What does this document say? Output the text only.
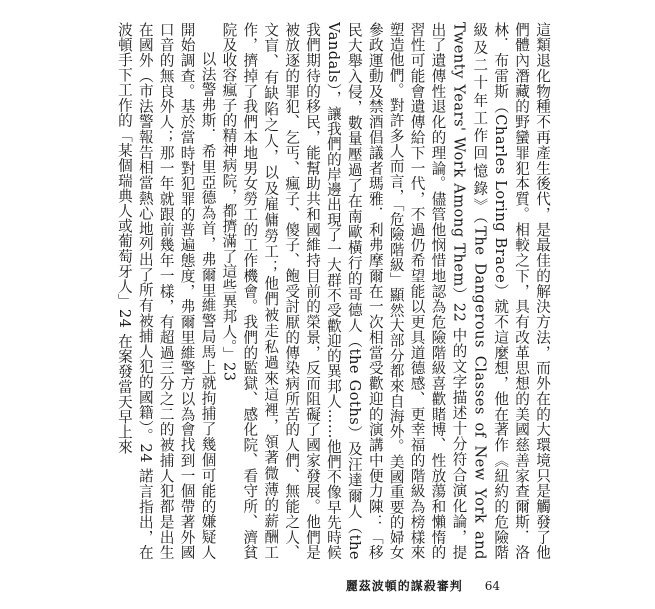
這類退化物種不再產生後代，是最佳的解決方法，而外在的大環境只是觸發了他們體內潛藏的野蠻罪犯本質。相較之下，具有改革思想的美國慈善家查爾斯．洛林．布雷斯（Charles Loring Brace）就不這麼想，他在著作《紐約的危險階級及二十年工作回憶錄》（The Dangerous Classes of New York and Twenty Years' Work Among Them）22 中的文字描述十分符合演化論，提出了遺傳性退化的理論。儘管他悯惜地認為危險階級喜歡賭博、性放蕩和懶惰的習性可能會遺傳給下一代，不過仍希望能以更具道德感、更幸福的階級為榜樣來塑造他們。對許多人而言，「危險階級」顯然大部分都來自海外。美國重要的婦女參政運動及禁酒倡議者瑪雅．利弗摩爾在一次相當受歡迎的演講中便力陳：「移民大舉入侵，數量壓過了在南歐橫行的哥德人（the Goths）及汪達爾人（the Vandals），讓我們的岸邊出現了一大群不受歡迎的異邦人……他們不像早先時候我們期待的移民，能幫助共和國維持目前的榮景，反而阻礙了國家發展。他們是被放逐的罪犯、乞丐、瘋子、傻子、飽受討厭的傳染病所苦的人們、無能之人、文盲、有缺陷之人，以及雇傭勞工；他們被走私過來這裡，領著微薄的薪酬工作，擠掉了我們本地男女勞工的工作機會。我們的監獄、感化院、看守所、濟貧院及收容瘋子的精神病院，都擠滿了這些異邦人。」23

以法警弗斯．希里亞德為首，弗爾里維警局馬上就拘捕了幾個可能的嫌疑人開始調查。基於當時對犯罪的普遍態度，弗爾里維警方以為會找到一個帶著外國口音的無良外人；那一年就跟前幾年一樣，有超過三分之二的被捕人犯都是出生在國外（市法警報告相當熱心地列出了所有被捕人犯的國籍）。24 諾言指出，在波頓手下工作的「某個瑞典人或葡萄牙人」24 在案發當天早上來

麗茲波頓的謀殺審判 64
